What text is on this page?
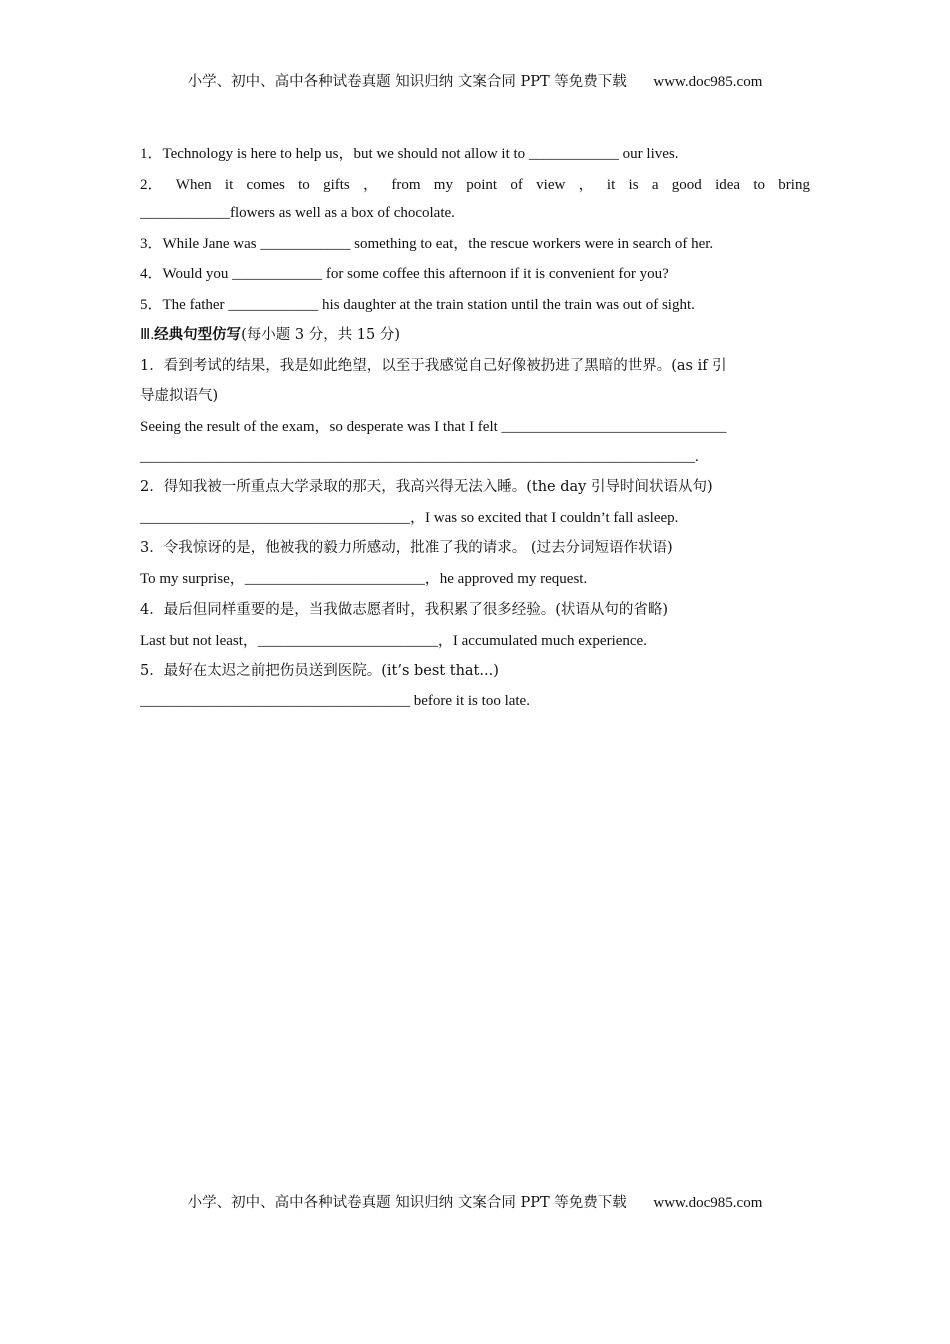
小学、初中、高中各种试卷真题 知识归纳 文案合同 PPT 等免费下载 www.doc985.com
1．Technology is here to help us，but we should not allow it to ____________ our lives.
2． When it comes to gifts ， from my point of view ， it is a good idea to bring
____________flowers as well as a box of chocolate.
3．While Jane was ____________ something to eat，the rescue workers were in search of her.
4．Would you ____________ for some coffee this afternoon if it is convenient for you?
5．The father ____________ his daughter at the train station until the train was out of sight.
Ⅲ.经典句型仿写(每小题 3 分，共 15 分)
1．看到考试的结果，我是如此绝望，以至于我感觉自己好像被扔进了黑暗的世界。(as if 引
导虚拟语气)
Seeing the result of the exam，so desperate was I that I felt ______________________________
__________________________________________________________________________.
2．得知我被一所重点大学录取的那天，我高兴得无法入睡。(the day 引导时间状语从句)
____________________________________，I was so excited that I couldn’t fall asleep.
3．令我惊讶的是，他被我的毅力所感动，批准了我的请求。 (过去分词短语作状语)
To my surprise，________________________，he approved my request.
4．最后但同样重要的是，当我做志愿者时，我积累了很多经验。(状语从句的省略)
Last but not least，________________________，I accumulated much experience.
5．最好在太迟之前把伤员送到医院。(it’s best that...)
____________________________________ before it is too late.
小学、初中、高中各种试卷真题 知识归纳 文案合同 PPT 等免费下载 www.doc985.com
